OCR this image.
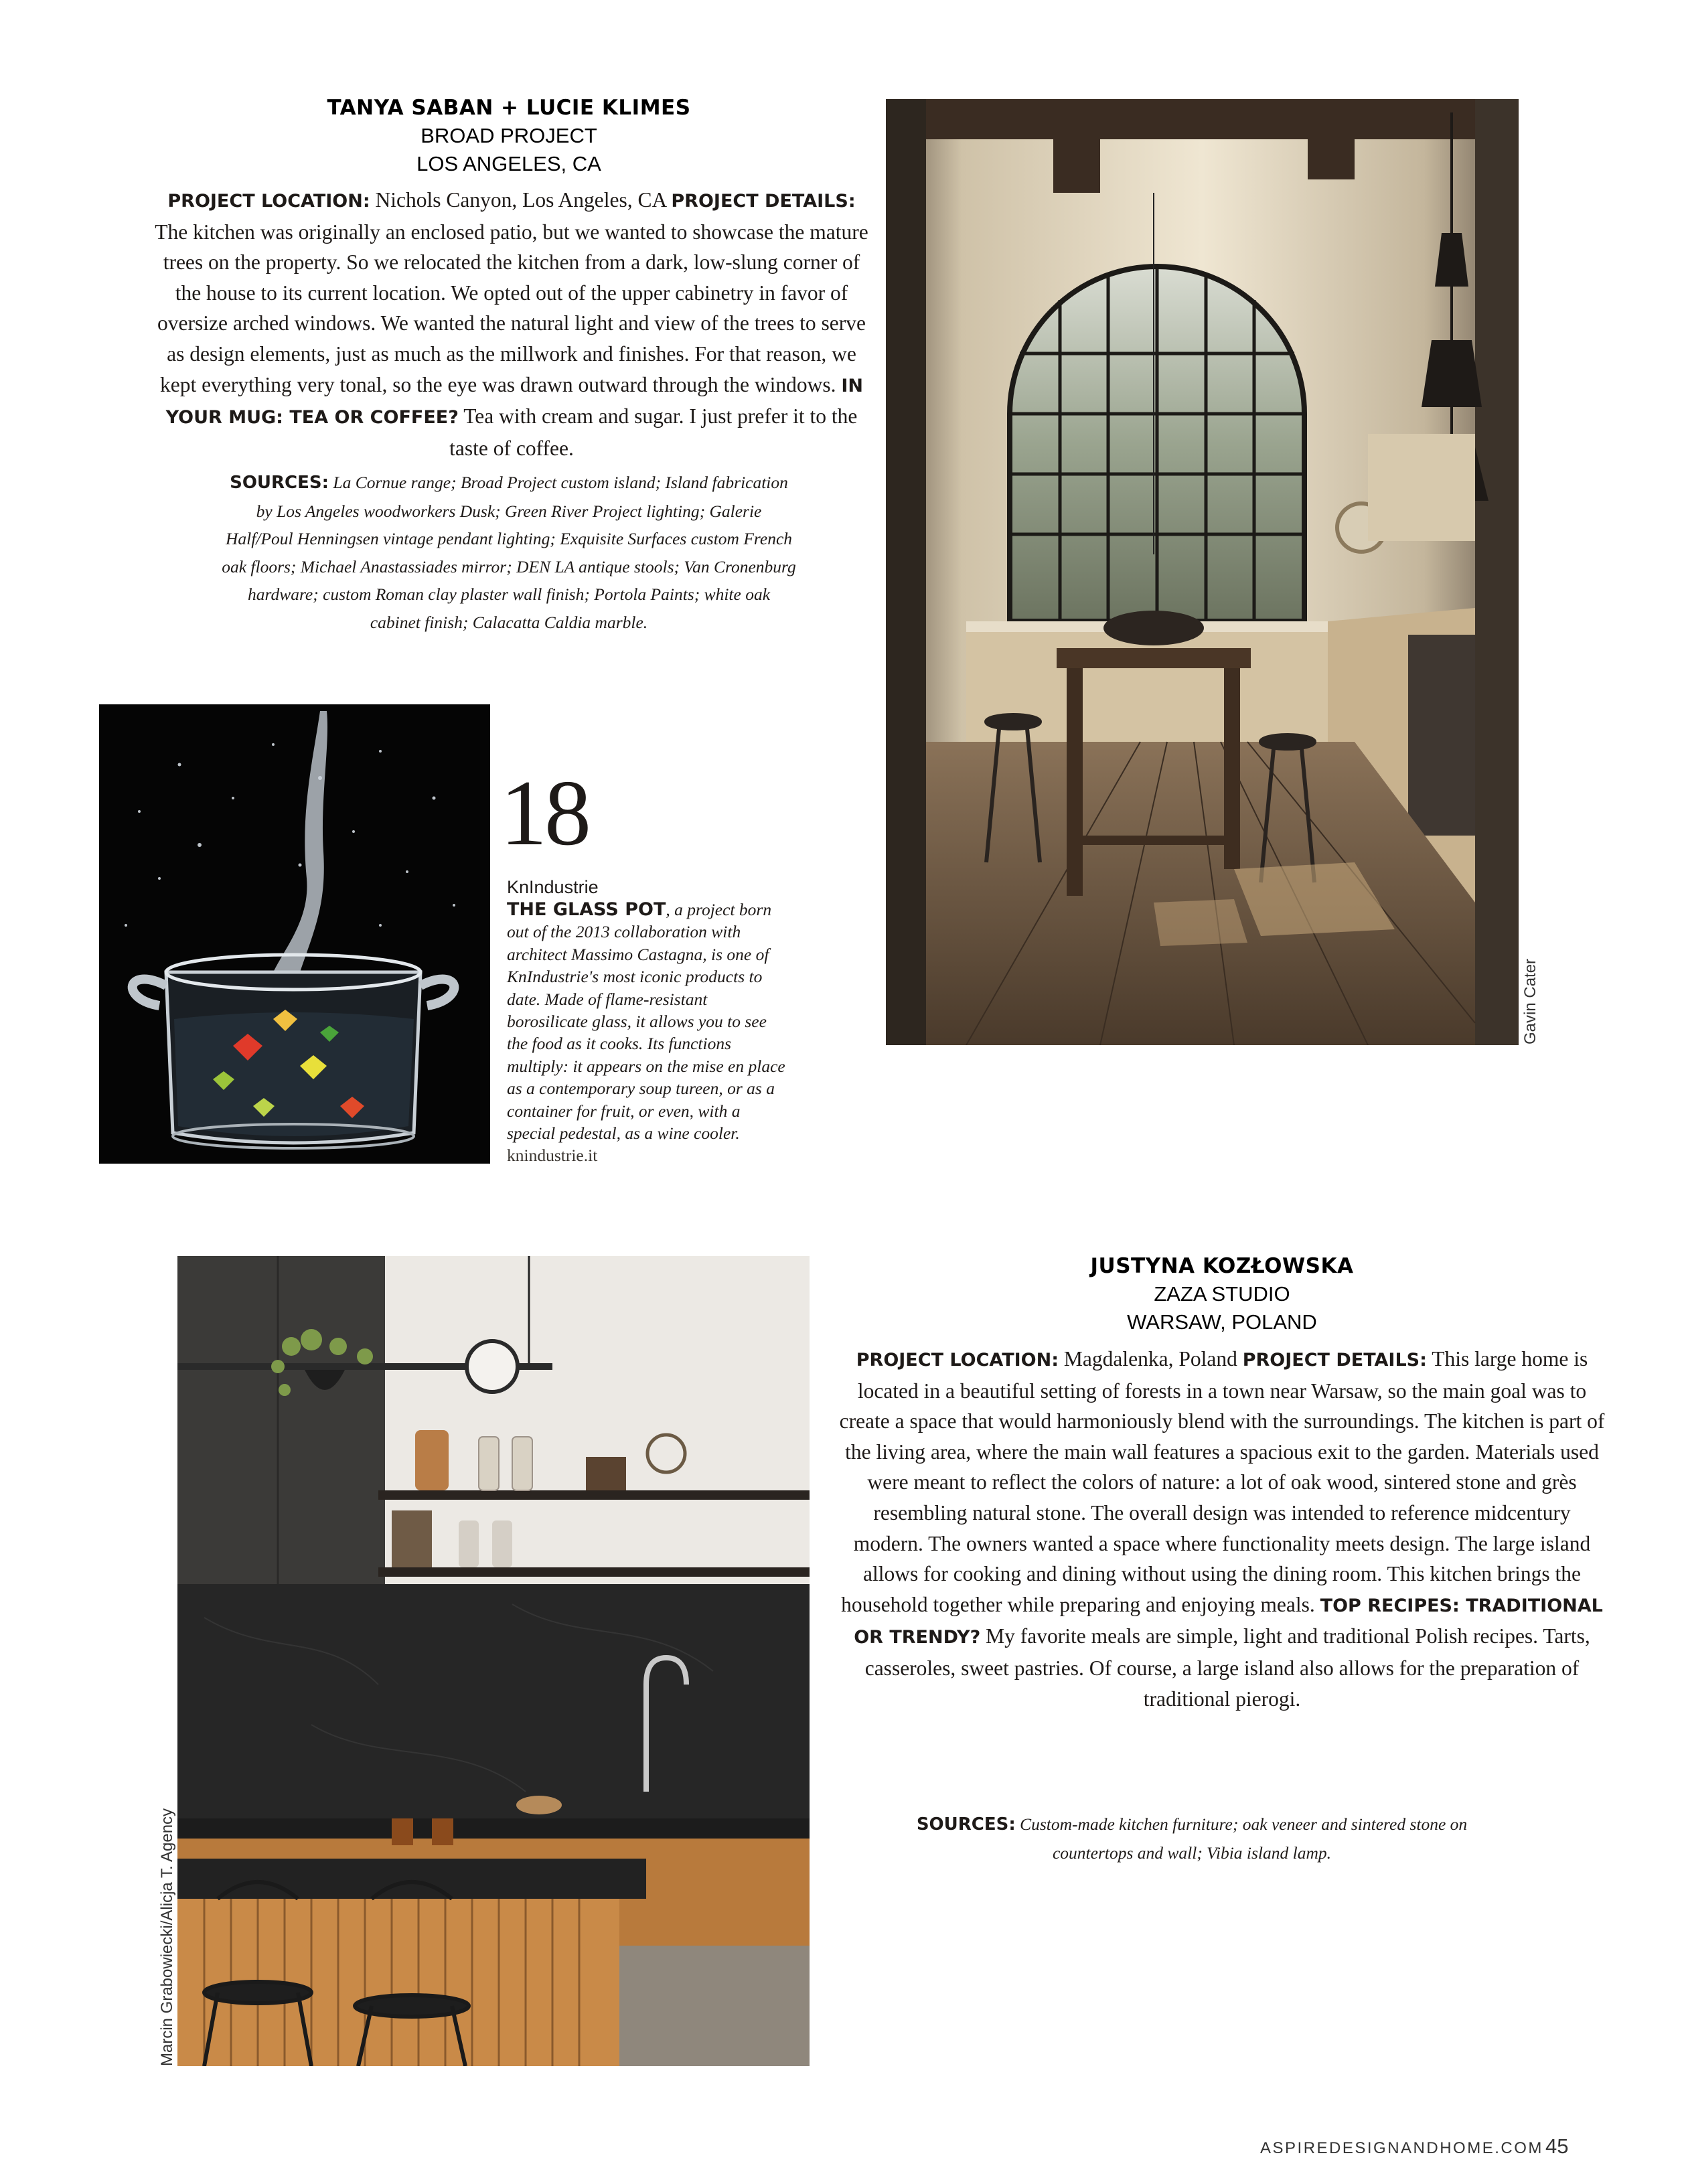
TANYA SABAN + LUCIE KLIMES
BROAD PROJECT
LOS ANGELES, CA
PROJECT LOCATION: Nichols Canyon, Los Angeles, CA PROJECT DETAILS: The kitchen was originally an enclosed patio, but we wanted to showcase the mature trees on the property. So we relocated the kitchen from a dark, low-slung corner of the house to its current location. We opted out of the upper cabinetry in favor of oversize arched windows. We wanted the natural light and view of the trees to serve as design elements, just as much as the millwork and finishes. For that reason, we kept everything very tonal, so the eye was drawn outward through the windows. IN YOUR MUG: TEA OR COFFEE? Tea with cream and sugar. I just prefer it to the taste of coffee.
SOURCES: La Cornue range; Broad Project custom island; Island fabrication by Los Angeles woodworkers Dusk; Green River Project lighting; Galerie Half/Poul Henningsen vintage pendant lighting; Exquisite Surfaces custom French oak floors; Michael Anastassiades mirror; DEN LA antique stools; Van Cronenburg hardware; custom Roman clay plaster wall finish; Portola Paints; white oak cabinet finish; Calacatta Caldia marble.
Gavin Cater
18
KnIndustrie
THE GLASS POT, a project born out of the 2013 collaboration with architect Massimo Castagna, is one of KnIndustrie's most iconic products to date. Made of flame-resistant borosilicate glass, it allows you to see the food as it cooks. Its functions multiply: it appears on the mise en place as a contemporary soup tureen, or as a container for fruit, or even, with a special pedestal, as a wine cooler. knindustrie.it
Marcin Grabowiecki/Alicja T. Agency
JUSTYNA KOZŁOWSKA
ZAZA STUDIO
WARSAW, POLAND
PROJECT LOCATION: Magdalenka, Poland PROJECT DETAILS: This large home is located in a beautiful setting of forests in a town near Warsaw, so the main goal was to create a space that would harmoniously blend with the surroundings. The kitchen is part of the living area, where the main wall features a spacious exit to the garden. Materials used were meant to reflect the colors of nature: a lot of oak wood, sintered stone and grès resembling natural stone. The overall design was intended to reference midcentury modern. The owners wanted a space where functionality meets design. The large island allows for cooking and dining without using the dining room. This kitchen brings the household together while preparing and enjoying meals. TOP RECIPES: TRADITIONAL OR TRENDY? My favorite meals are simple, light and traditional Polish recipes. Tarts, casseroles, sweet pastries. Of course, a large island also allows for the preparation of traditional pierogi.
SOURCES: Custom-made kitchen furniture; oak veneer and sintered stone on countertops and wall; Vibia island lamp.
ASPIREDESIGNANDHOME.COM 45
